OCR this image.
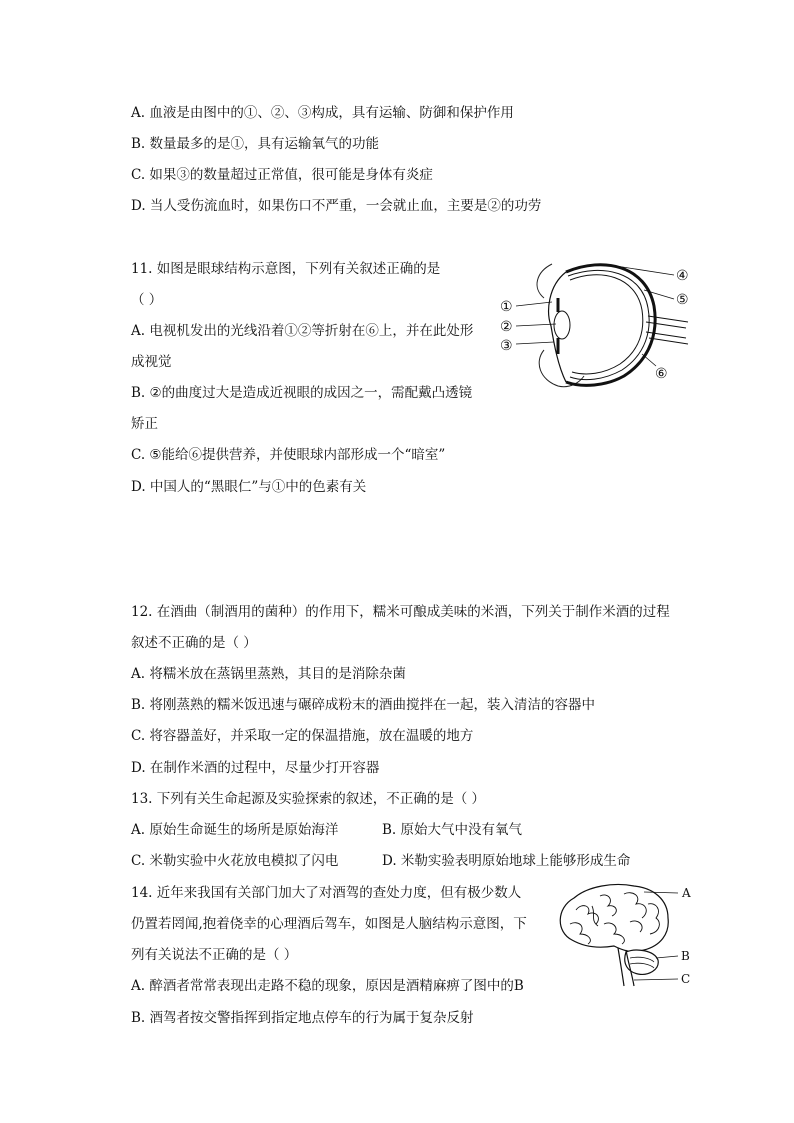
A. 血液是由图中的①、②、③构成，具有运输、防御和保护作用
B. 数量最多的是①，具有运输氧气的功能
C. 如果③的数量超过正常值，很可能是身体有炎症
D. 当人受伤流血时，如果伤口不严重，一会就止血，主要是②的功劳
11. 如图是眼球结构示意图，下列有关叙述正确的是
（ ）
A. 电视机发出的光线沿着①②等折射在⑥上，并在此处形
成视觉
B. ②的曲度过大是造成近视眼的成因之一，需配戴凸透镜
矫正
C. ⑤能给⑥提供营养，并使眼球内部形成一个“暗室”
D. 中国人的“黑眼仁”与①中的色素有关
①
②
③
④
⑤
⑥
12. 在酒曲（制酒用的菌种）的作用下，糯米可酿成美味的米酒，下列关于制作米酒的过程
叙述不正确的是（ ）
A. 将糯米放在蒸锅里蒸熟，其目的是消除杂菌
B. 将刚蒸熟的糯米饭迅速与碾碎成粉末的酒曲搅拌在一起，装入清洁的容器中
C. 将容器盖好，并采取一定的保温措施，放在温暖的地方
D. 在制作米酒的过程中，尽量少打开容器
13. 下列有关生命起源及实验探索的叙述，不正确的是（ ）
A. 原始生命诞生的场所是原始海洋	B. 原始大气中没有氧气
C. 米勒实验中火花放电模拟了闪电	D. 米勒实验表明原始地球上能够形成生命
14. 近年来我国有关部门加大了对酒驾的查处力度，但有极少数人
仍置若罔闻,抱着侥幸的心理酒后驾车，如图是人脑结构示意图，下
列有关说法不正确的是（ ）
A. 醉酒者常常表现出走路不稳的现象，原因是酒精麻痹了图中的B
B. 酒驾者按交警指挥到指定地点停车的行为属于复杂反射
A
B
C
